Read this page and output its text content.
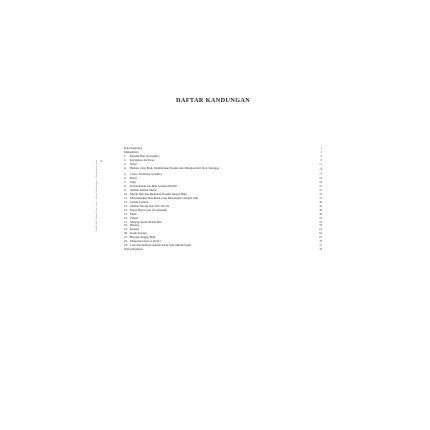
Tasbih Hati Tanda Pemikiran · Dasar Kandungan · Pemahaman Ilmu iii
DAFTAR KANDUNGAN
Kata Pengantar	v
Mukadimah	1
1.	Rendah Hati (Tawadhu')	5
2.	Kebajikan dan Dosa	8
3.	Sabar	11
4.	Berkata yang Baik, Memuliakan Tetamu dan Menghormati Jiran Tetangga	14
5.	Cerita dan Riang Gembira	17
6.	Benci	21
7.	Jujur	24
8.	Persaudaraan dan Hak Sesama Muslim	27
9.	Akhlak Akhlak Mulia	31
10. Murah Hati dan Menjamu Tetamu dengan Baik	34
11. Mendamaikan Dua Pihak yang Bersengketa dengan Adil	37
12. Lemah Lembut	40
13. Akhlak Terpuji dan Sifat Tercela	43
14. Dapat Dipercayai (al-Amanah)	46
15. Malu	49
16. Zuhud	52
17. Menjaga Kehormatan Diri	55
18. Bekerja	58
19. Pemaaf	61
20. Kasih Sayang	64
21. Bergaul dengan Baik	67
22. Menepati Janji (al-Wafa')	70
23. Cinta Perdamaian Adalah Salah Satu Akhlak Islam	73
Daftar Rujukan	76
